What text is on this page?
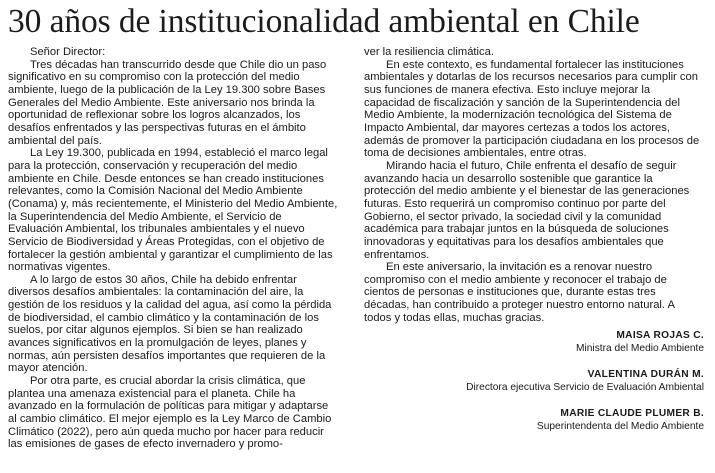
30 años de institucionalidad ambiental en Chile

Señor Director:

Tres décadas han transcurrido desde que Chile dio un paso significativo en su compromiso con la protección del medio ambiente, luego de la publicación de la Ley 19.300 sobre Bases Generales del Medio Ambiente. Este aniversario nos brinda la oportunidad de reflexionar sobre los logros alcanzados, los desafíos enfrentados y las perspectivas futuras en el ámbito ambiental del país.

La Ley 19.300, publicada en 1994, estableció el marco legal para la protección, conservación y recuperación del medio ambiente en Chile. Desde entonces se han creado instituciones relevantes, como la Comisión Nacional del Medio Ambiente (Conama) y, más recientemente, el Ministerio del Medio Ambiente, la Superintendencia del Medio Ambiente, el Servicio de Evaluación Ambiental, los tribunales ambientales y el nuevo Servicio de Biodiversidad y Áreas Protegidas, con el objetivo de fortalecer la gestión ambiental y garantizar el cumplimiento de las normativas vigentes.

A lo largo de estos 30 años, Chile ha debido enfrentar diversos desafíos ambientales: la contaminación del aire, la gestión de los residuos y la calidad del agua, así como la pérdida de biodiversidad, el cambio climático y la contaminación de los suelos, por citar algunos ejemplos. Si bien se han realizado avances significativos en la promulgación de leyes, planes y normas, aún persisten desafíos importantes que requieren de la mayor atención.

Por otra parte, es crucial abordar la crisis climática, que plantea una amenaza existencial para el planeta. Chile ha avanzado en la formulación de políticas para mitigar y adaptarse al cambio climático. El mejor ejemplo es la Ley Marco de Cambio Climático (2022), pero aún queda mucho por hacer para reducir las emisiones de gases de efecto invernadero y promo-

ver la resiliencia climática.

En este contexto, es fundamental fortalecer las instituciones ambientales y dotarlas de los recursos necesarios para cumplir con sus funciones de manera efectiva. Esto incluye mejorar la capacidad de fiscalización y sanción de la Superintendencia del Medio Ambiente, la modernización tecnológica del Sistema de Impacto Ambiental, dar mayores certezas a todos los actores, además de promover la participación ciudadana en los procesos de toma de decisiones ambientales, entre otras.

Mirando hacia el futuro, Chile enfrenta el desafío de seguir avanzando hacia un desarrollo sostenible que garantice la protección del medio ambiente y el bienestar de las generaciones futuras. Esto requerirá un compromiso continuo por parte del Gobierno, el sector privado, la sociedad civil y la comunidad académica para trabajar juntos en la búsqueda de soluciones innovadoras y equitativas para los desafíos ambientales que enfrentamos.

En este aniversario, la invitación es a renovar nuestro compromiso con el medio ambiente y reconocer el trabajo de cientos de personas e instituciones que, durante estas tres décadas, han contribuido a proteger nuestro entorno natural. A todos y todas ellas, muchas gracias.

MAISA ROJAS C.
Ministra del Medio Ambiente
VALENTINA DURÁN M.
Directora ejecutiva Servicio de Evaluación Ambiental
MARIE CLAUDE PLUMER B.
Superintendenta del Medio Ambiente
